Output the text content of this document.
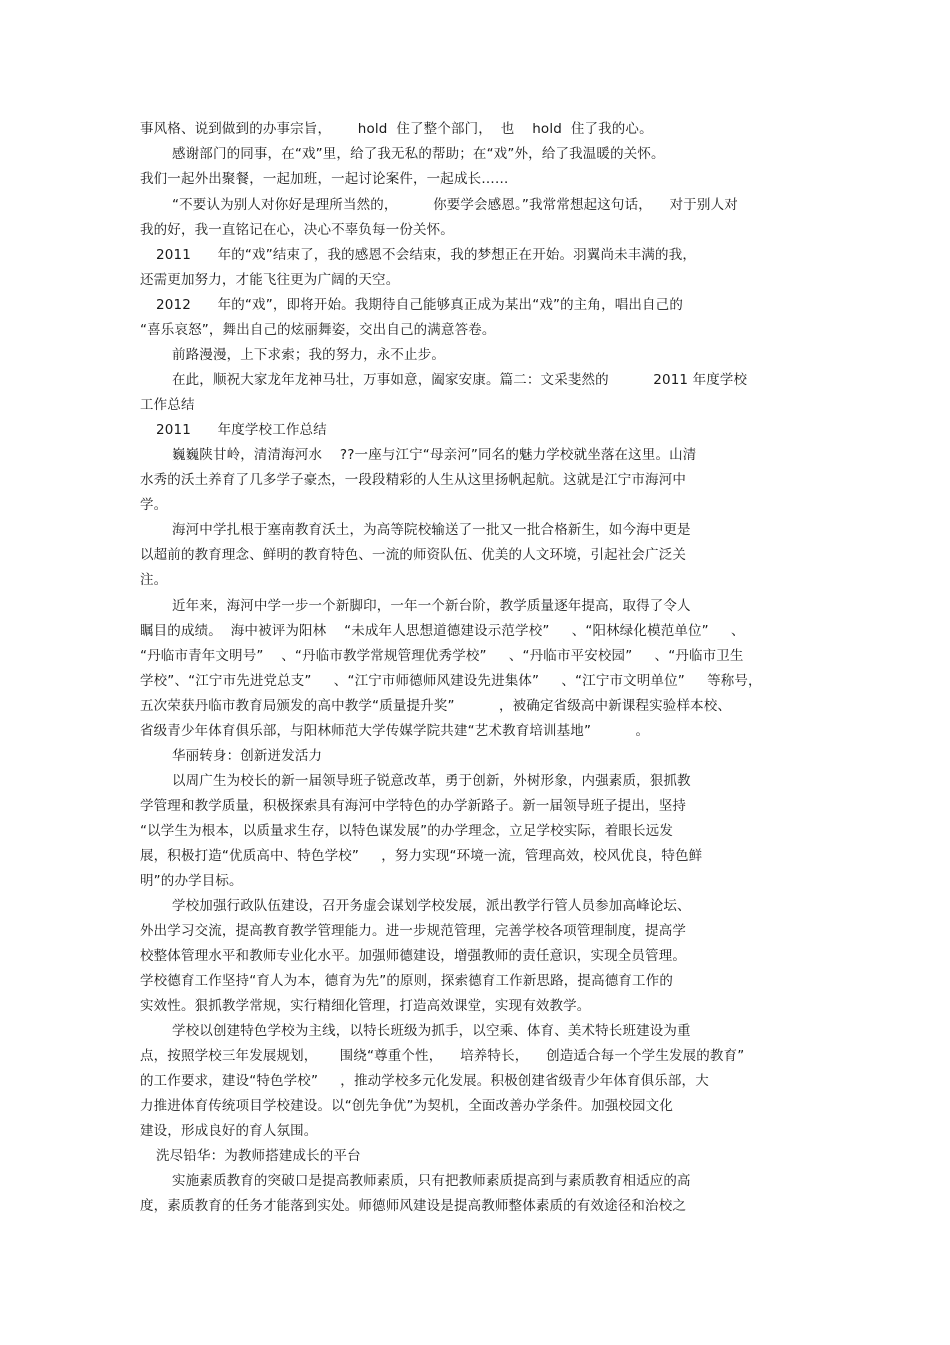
事风格、说到做到的办事宗旨，      hold  住了整个部门，  也    hold  住了我的心。
感谢部门的同事，在“戏”里，给了我无私的帮助；在“戏”外，给了我温暖的关怀。
我们一起外出聚餐，一起加班，一起讨论案件，一起成长……
“不要认为别人对你好是理所当然的，        你要学会感恩。”我常常想起这句话，    对于别人对
我的好，我一直铭记在心，决心不辜负每一份关怀。
2011      年的“戏”结束了，我的感恩不会结束，我的梦想正在开始。羽翼尚未丰满的我，
还需更加努力，才能飞往更为广阔的天空。
2012      年的“戏”，即将开始。我期待自己能够真正成为某出“戏”的主角，唱出自己的
“喜乐哀怒”，舞出自己的炫丽舞姿，交出自己的满意答卷。
前路漫漫，上下求索；我的努力，永不止步。
在此，顺祝大家龙年龙神马壮，万事如意，阖家安康。篇二：文采斐然的          2011 年度学校
工作总结
2011      年度学校工作总结
巍巍陕甘岭，清清海河水    ??一座与江宁“母亲河”同名的魅力学校就坐落在这里。山清
水秀的沃土养育了几多学子豪杰，一段段精彩的人生从这里扬帆起航。这就是江宁市海河中
学。
海河中学扎根于塞南教育沃土，为高等院校输送了一批又一批合格新生，如今海中更是
以超前的教育理念、鲜明的教育特色、一流的师资队伍、优美的人文环境，引起社会广泛关
注。
近年来，海河中学一步一个新脚印，一年一个新台阶，教学质量逐年提高，取得了令人
瞩目的成绩。  海中被评为阳林    “未成年人思想道德建设示范学校”     、“阳林绿化模范单位”     、
“丹临市青年文明号”    、“丹临市教学常规管理优秀学校”     、“丹临市平安校园”     、“丹临市卫生
学校”、“江宁市先进党总支”     、“江宁市师德师风建设先进集体”     、“江宁市文明单位”     等称号，
五次荣获丹临市教育局颁发的高中教学“质量提升奖”          ，被确定省级高中新课程实验样本校、
省级青少年体育俱乐部，与阳林师范大学传媒学院共建“艺术教育培训基地”          。
华丽转身：创新迸发活力
以周广生为校长的新一届领导班子锐意改革，勇于创新，外树形象，内强素质，狠抓教
学管理和教学质量，积极探索具有海河中学特色的办学新路子。新一届领导班子提出，坚持
“以学生为根本，以质量求生存，以特色谋发展”的办学理念，立足学校实际，着眼长远发
展，积极打造“优质高中、特色学校”     ，努力实现“环境一流，管理高效，校风优良，特色鲜
明”的办学目标。
学校加强行政队伍建设，召开务虚会谋划学校发展，派出教学行管人员参加高峰论坛、
外出学习交流，提高教育教学管理能力。进一步规范管理，完善学校各项管理制度，提高学
校整体管理水平和教师专业化水平。加强师德建设，增强教师的责任意识，实现全员管理。
学校德育工作坚持“育人为本，德育为先”的原则，探索德育工作新思路，提高德育工作的
实效性。狠抓教学常规，实行精细化管理，打造高效课堂，实现有效教学。
学校以创建特色学校为主线，以特长班级为抓手，以空乘、体育、美术特长班建设为重
点，按照学校三年发展规划，     围绕“尊重个性，    培养特长，    创造适合每一个学生发展的教育”
的工作要求，建设“特色学校”     ，推动学校多元化发展。积极创建省级青少年体育俱乐部，大
力推进体育传统项目学校建设。以“创先争优”为契机，全面改善办学条件。加强校园文化
建设，形成良好的育人氛围。
洗尽铅华：为教师搭建成长的平台
实施素质教育的突破口是提高教师素质，只有把教师素质提高到与素质教育相适应的高
度，素质教育的任务才能落到实处。师德师风建设是提高教师整体素质的有效途径和治校之
